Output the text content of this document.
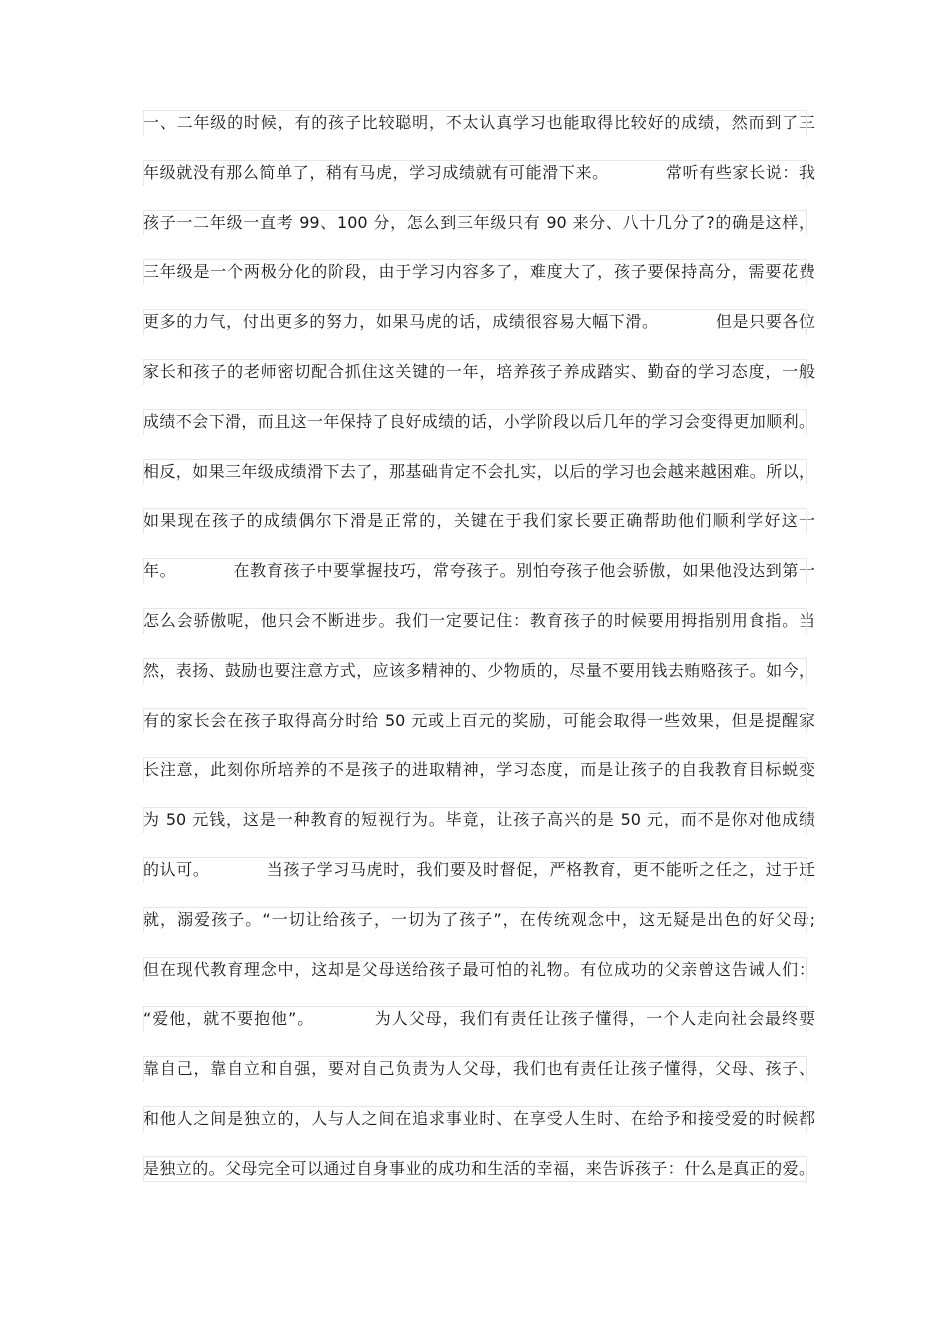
一、二年级的时候，有的孩子比较聪明，不太认真学习也能取得比较好的成绩，然而到了三
年级就没有那么简单了，稍有马虎，学习成绩就有可能滑下来。          常听有些家长说：我
孩子一二年级一直考 99、100 分，怎么到三年级只有 90 来分、八十几分了?的确是这样，
三年级是一个两极分化的阶段，由于学习内容多了，难度大了，孩子要保持高分，需要花费
更多的力气，付出更多的努力，如果马虎的话，成绩很容易大幅下滑。          但是只要各位
家长和孩子的老师密切配合抓住这关键的一年，培养孩子养成踏实、勤奋的学习态度，一般
成绩不会下滑，而且这一年保持了良好成绩的话，小学阶段以后几年的学习会变得更加顺利。
相反，如果三年级成绩滑下去了，那基础肯定不会扎实，以后的学习也会越来越困难。所以，
如果现在孩子的成绩偶尔下滑是正常的，关键在于我们家长要正确帮助他们顺利学好这一
年。          在教育孩子中要掌握技巧，常夸孩子。别怕夸孩子他会骄傲，如果他没达到第一
怎么会骄傲呢，他只会不断进步。我们一定要记住：教育孩子的时候要用拇指别用食指。当
然，表扬、鼓励也要注意方式，应该多精神的、少物质的，尽量不要用钱去贿赂孩子。如今，
有的家长会在孩子取得高分时给 50 元或上百元的奖励，可能会取得一些效果，但是提醒家
长注意，此刻你所培养的不是孩子的进取精神，学习态度，而是让孩子的自我教育目标蜕变
为 50 元钱，这是一种教育的短视行为。毕竟，让孩子高兴的是 50 元，而不是你对他成绩
的认可。          当孩子学习马虎时，我们要及时督促，严格教育，更不能听之任之，过于迁
就，溺爱孩子。“一切让给孩子，一切为了孩子”，在传统观念中，这无疑是出色的好父母;
但在现代教育理念中，这却是父母送给孩子最可怕的礼物。有位成功的父亲曾这告诫人们：
“爱他，就不要抱他”。          为人父母，我们有责任让孩子懂得，一个人走向社会最终要
靠自己，靠自立和自强，要对自己负责为人父母，我们也有责任让孩子懂得，父母、孩子、
和他人之间是独立的，人与人之间在追求事业时、在享受人生时、在给予和接受爱的时候都
是独立的。父母完全可以通过自身事业的成功和生活的幸福，来告诉孩子：什么是真正的爱。
